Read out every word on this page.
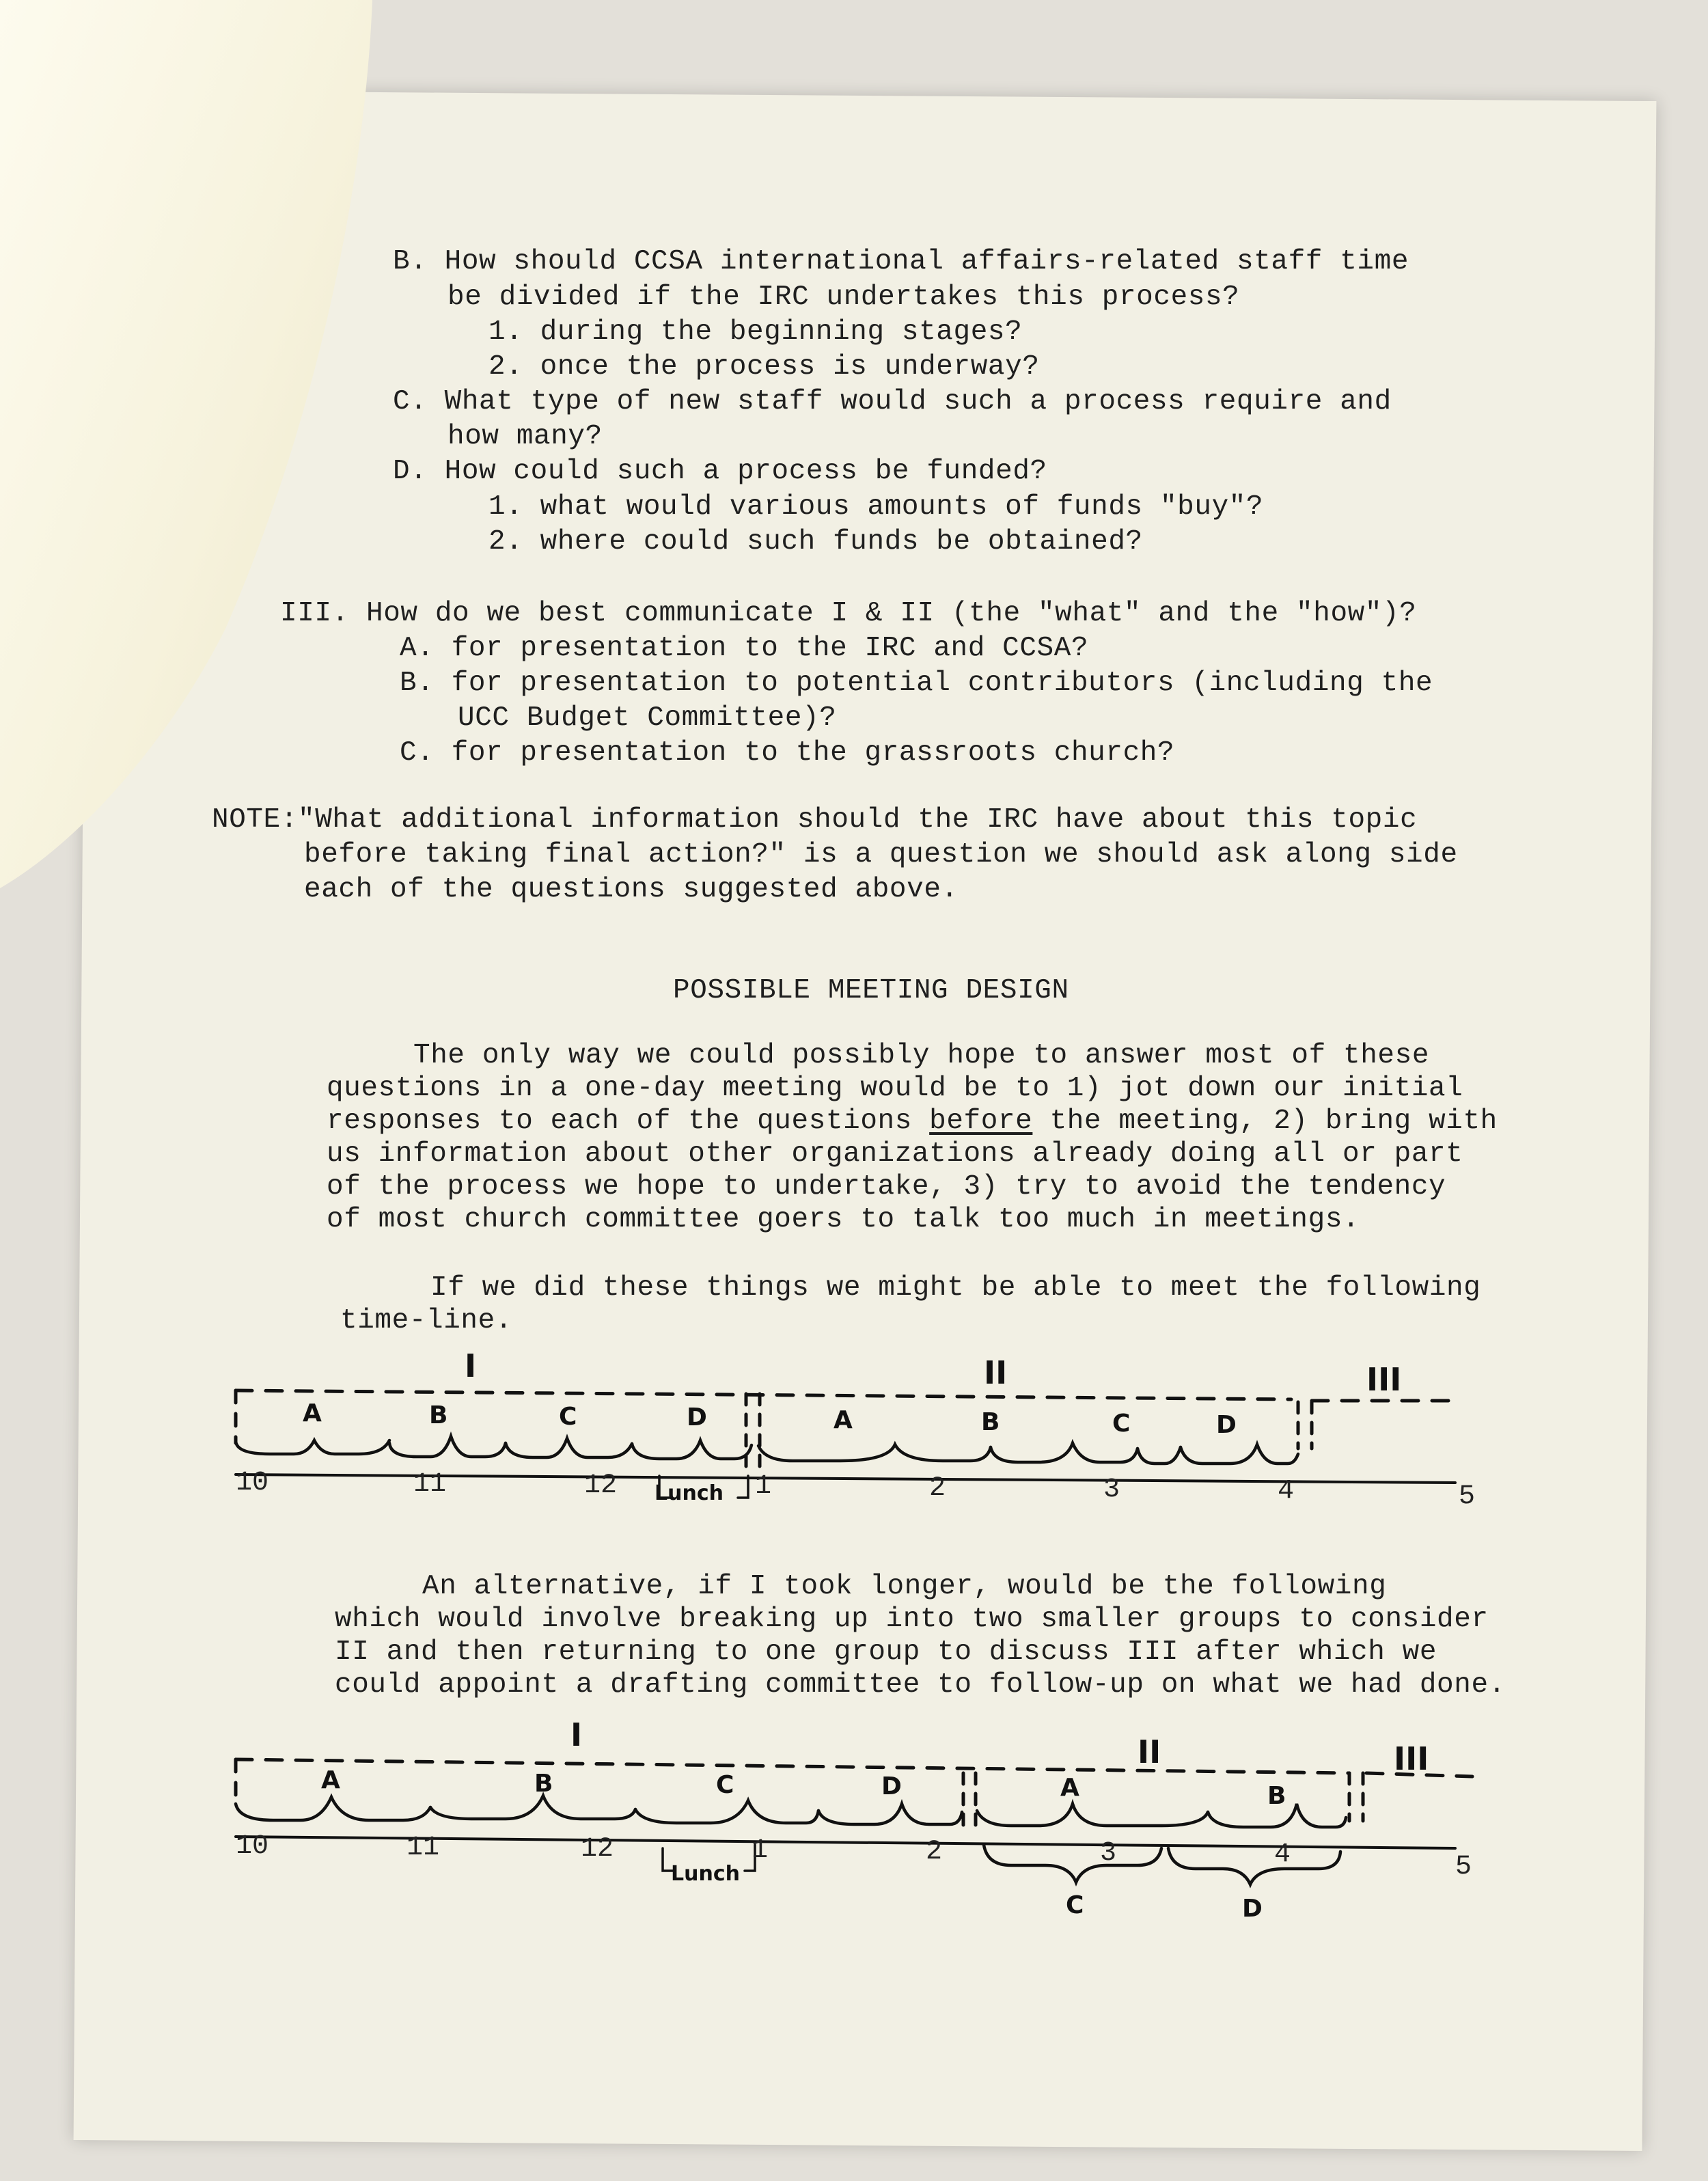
B. How should CCSA international affairs-related staff time
be divided if the IRC undertakes this process?
1. during the beginning stages?
2. once the process is underway?
C. What type of new staff would such a process require and
how many?
D. How could such a process be funded?
1. what would various amounts of funds "buy"?
2. where could such funds be obtained?
III. How do we best communicate I & II (the "what" and the "how")?
A. for presentation to the IRC and CCSA?
B. for presentation to potential contributors (including the
UCC Budget Committee)?
C. for presentation to the grassroots church?
NOTE:"What additional information should the IRC have about this topic
before taking final action?" is a question we should ask along side
each of the questions suggested above.
POSSIBLE MEETING DESIGN
The only way we could possibly hope to answer most of these
questions in a one-day meeting would be to 1) jot down our initial
responses to each of the questions before the meeting, 2) bring with
us information about other organizations already doing all or part
of the process we hope to undertake, 3) try to avoid the tendency
of most church committee goers to talk too much in meetings.
If we did these things we might be able to meet the following
time-line.
An alternative, if I took longer, would be the following
which would involve breaking up into two smaller groups to consider
II and then returning to one group to discuss III after which we
could appoint a drafting committee to follow-up on what we had done.
10	11	12	1	2	3	4	5
Lunch
I	II	III
A	B	C	D	A	B	C	D
10	11	12	1	2	3	4	5
Lunch
I	II	III
A	B	C	D	A	B
C	D
